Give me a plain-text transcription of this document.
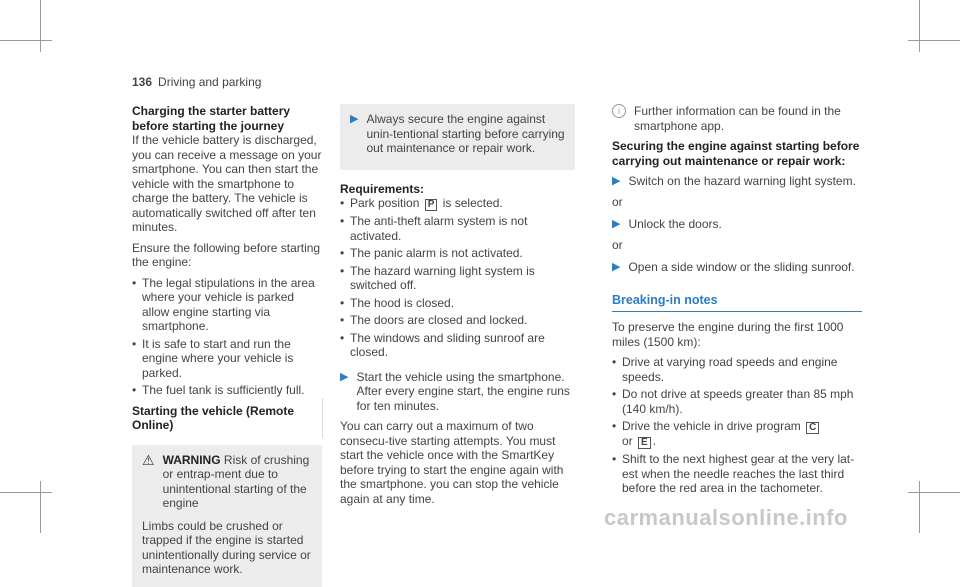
136 Driving and parking
Charging the starter battery before starting the journey

If the vehicle battery is discharged, you can receive a message on your smartphone. You can then start the vehicle with the smartphone to charge the battery. The vehicle is automatically switched off after ten minutes.

Ensure the following before starting the engine:

• The legal stipulations in the area where your vehicle is parked allow engine starting via smartphone.
• It is safe to start and run the engine where your vehicle is parked.
• The fuel tank is sufficiently full.
Starting the vehicle (Remote Online)
⚠ WARNING Risk of crushing or entrap-ment due to unintentional starting of the engine

Limbs could be crushed or trapped if the engine is started unintentionally during service or maintenance work.

▶ Always secure the engine against unin-tentional starting before carrying out maintenance or repair work.
Requirements:
• Park position P is selected.
• The anti-theft alarm system is not activated.
• The panic alarm is not activated.
• The hazard warning light system is switched off.
• The hood is closed.
• The doors are closed and locked.
• The windows and sliding sunroof are closed.
▶ Start the vehicle using the smartphone.
After every engine start, the engine runs for ten minutes.

You can carry out a maximum of two consecu-tive starting attempts. You must start the vehicle once with the SmartKey before trying to start the engine again with the smartphone. you can stop the vehicle again at any time.

i	Further information can be found in the smartphone app.
Securing the engine against starting before carrying out maintenance or repair work:
▶ Switch on the hazard warning light system.
or
▶ Unlock the doors.
or
▶ Open a side window or the sliding sunroof.
Breaking-in notes

To preserve the engine during the first 1000 miles (1500 km):

• Drive at varying road speeds and engine speeds.
• Do not drive at speeds greater than 85 mph (140 km/h).
• Drive the vehicle in drive program C
or E .
• Shift to the next highest gear at the very lat-est when the needle reaches the last third before the red area in the tachometer.
carmanualsonline.info
